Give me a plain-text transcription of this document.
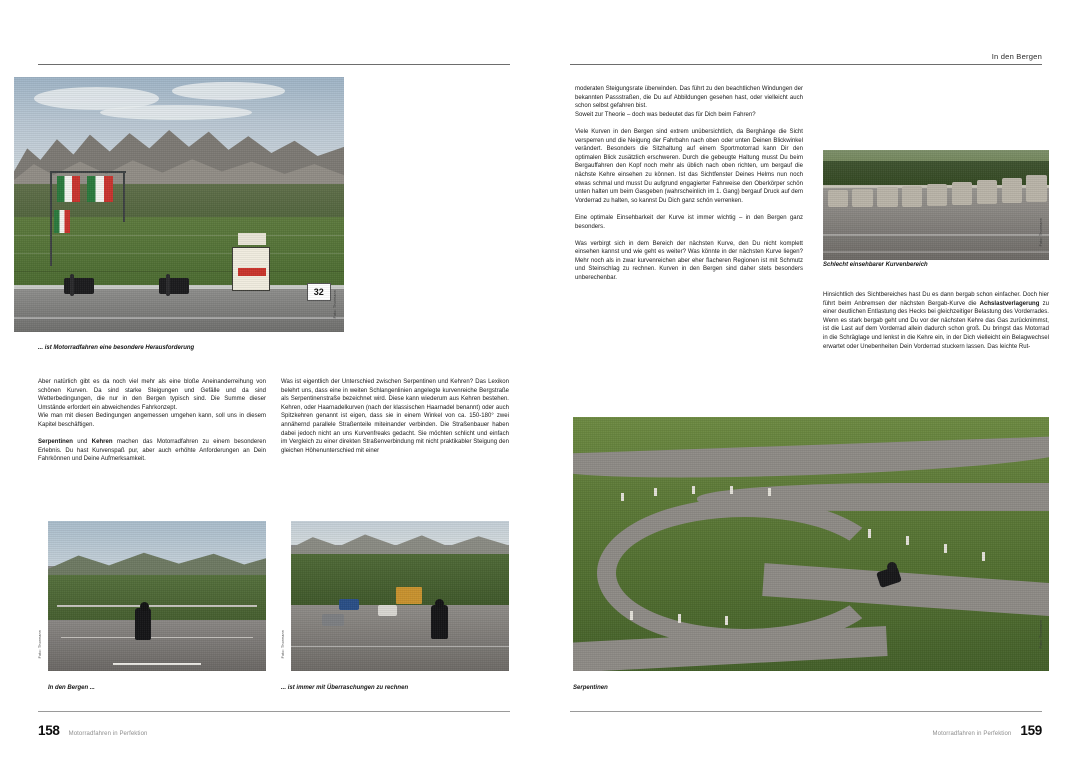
32	Foto: Thormann
... ist Motorradfahren eine besondere Herausforderung

Aber natürlich gibt es da noch viel mehr als eine bloße Aneinanderreihung von schönen Kurven. Da sind starke Steigungen und Gefälle und da sind Wetterbedingungen, die nur in den Bergen typisch sind. Die Summe dieser Umstände erfordert ein abweichendes Fahrkonzept.

Wie man mit diesen Bedingungen angemessen umgehen kann, soll uns in diesem Kapitel beschäftigen.

Serpentinen und Kehren machen das Motorradfahren zu einem besonderen Erlebnis. Du hast Kurvenspaß pur, aber auch erhöhte Anforderungen an Dein Fahrkönnen und Deine Aufmerksamkeit.

Was ist eigentlich der Unterschied zwischen Serpentinen und Kehren? Das Lexikon belehrt uns, dass eine in weiten Schlangenlinien angelegte kurvenreiche Bergstraße als Serpentinenstraße bezeichnet wird. Diese kann wiederum aus Kehren bestehen. Kehren, oder Haarnadelkurven (nach der klassischen Haarnadel benannt) oder auch Spitzkehren genannt ist eigen, dass sie in einem Winkel von ca. 150-180° zwei annähernd parallele Straßenteile miteinander verbinden. Die Straßenbauer haben dabei jedoch nicht an uns Kurvenfreaks gedacht. Sie möchten schlicht und einfach im Vergleich zu einer direkten Straßenverbindung mit nicht praktikabler Steigung den gleichen Höhenunterschied mit einer

Foto: Thormann
In den Bergen ...
Foto: Thormann
... ist immer mit Überraschungen zu rechnen
158 Motorradfahren in Perfektion
In den Bergen

moderaten Steigungsrate überwinden. Das führt zu den beachtlichen Windungen der bekannten Passstraßen, die Du auf Abbildungen gesehen hast, oder vielleicht auch schon selbst gefahren bist.

Soweit zur Theorie – doch was bedeutet das für Dich beim Fahren?

Viele Kurven in den Bergen sind extrem unübersichtlich, da Berghänge die Sicht versperren und die Neigung der Fahrbahn nach oben oder unten Deinen Blickwinkel verändert. Besonders die Sitzhaltung auf einem Sportmotorrad kann Dir den optimalen Blick zusätzlich erschweren. Durch die gebeugte Haltung musst Du beim Bergauffahren den Kopf noch mehr als üblich nach oben richten, um bergauf die nächste Kehre einsehen zu können. Ist das Sichtfenster Deines Helms nun noch etwas schmal und musst Du aufgrund engagierter Fahrweise den Oberkörper schön unten halten um beim Gasgeben (wahrscheinlich im 1. Gang) bergauf Druck auf dem Vorderrad zu halten, so kannst Du Dich ganz schön verrenken.

Eine optimale Einsehbarkeit der Kurve ist immer wichtig – in den Bergen ganz besonders.

Was verbirgt sich in dem Bereich der nächsten Kurve, den Du nicht komplett einsehen kannst und wie geht es weiter? Was könnte in der nächsten Kurve liegen? Mehr noch als in zwar kurvenreichen aber eher flacheren Regionen ist mit Schmutz und Steinschlag zu rechnen. Kurven in den Bergen sind daher stets besonders unberechenbar.

Foto: Thormann
Schlecht einsehbarer Kurvenbereich

Hinsichtlich des Sichtbereiches hast Du es dann bergab schon einfacher. Doch hier führt beim Anbremsen der nächsten Bergab-Kurve die Achslastverlagerung zu einer deutlichen Entlastung des Hecks bei gleichzeitiger Belastung des Vorderrades. Wenn es stark bergab geht und Du vor der nächsten Kehre das Gas zurücknimmst, ist die Last auf dem Vorderrad allein dadurch schon groß. Du bringst das Motorrad in die Schräglage und lenkst in die Kehre ein, in der Dich vielleicht ein Belagwechsel erwartet oder Unebenheiten Dein Vorderrad stuckern lassen. Das leichte Rut-

Foto: Thormann
Serpentinen
Motorradfahren in Perfektion 159
